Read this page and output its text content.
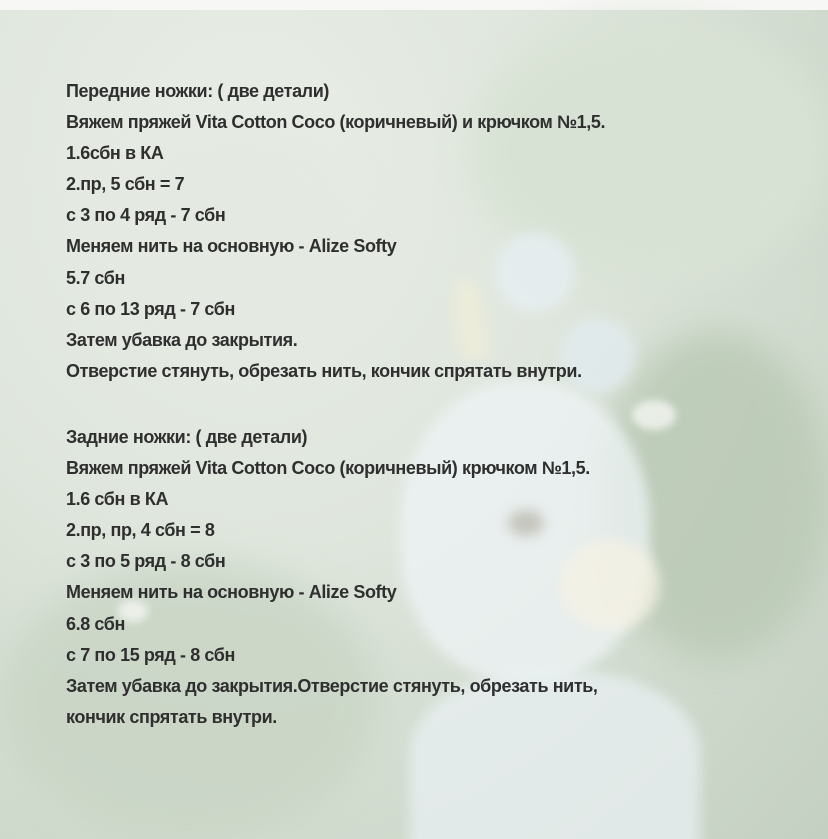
Передние ножки: ( две детали)

Вяжем пряжей Vita Cotton Coco (коричневый) и крючком №1,5.

1.6сбн в КА

2.пр, 5 сбн = 7

с 3 по 4 ряд - 7 сбн

Меняем нить на основную - Alize Softy

5.7 сбн

с 6 по 13 ряд - 7 сбн

Затем убавка до закрытия.

Отверстие стянуть, обрезать нить, кончик спрятать внутри.

Задние ножки: ( две детали)

Вяжем пряжей Vita Cotton Coco (коричневый) крючком №1,5.

1.6 сбн в КА

2.пр, пр, 4 сбн = 8

с 3 по 5 ряд - 8 сбн

Меняем нить на основную - Alize Softy

6.8 сбн

с 7 по 15 ряд - 8 сбн

Затем убавка до закрытия.Отверстие стянуть, обрезать нить,

кончик спрятать внутри.
